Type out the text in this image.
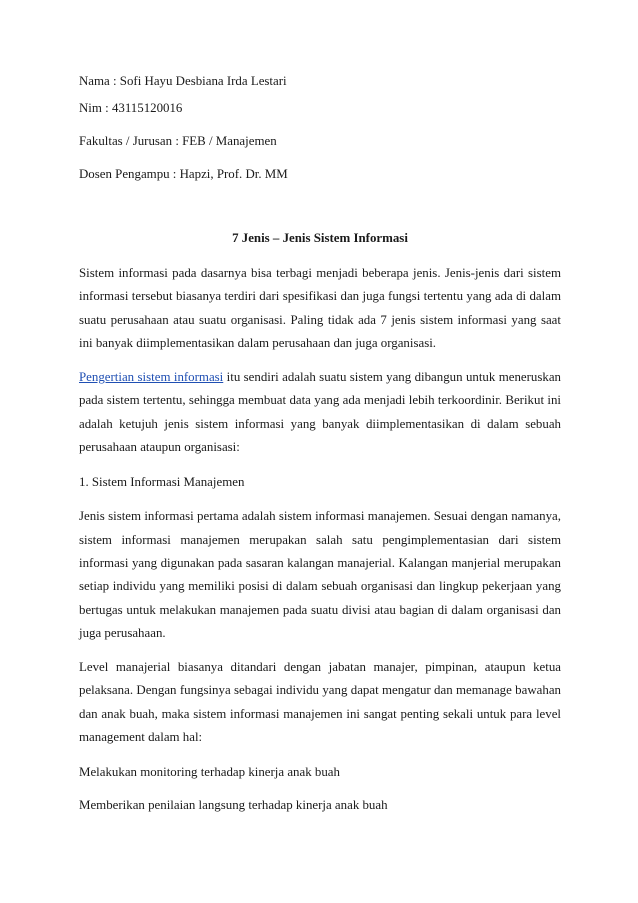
Nama : Sofi Hayu Desbiana Irda Lestari

Nim : 43115120016

Fakultas / Jurusan : FEB / Manajemen

Dosen Pengampu : Hapzi, Prof. Dr. MM

7 Jenis – Jenis Sistem Informasi

Sistem informasi pada dasarnya bisa terbagi menjadi beberapa jenis. Jenis-jenis dari sistem informasi tersebut biasanya terdiri dari spesifikasi dan juga fungsi tertentu yang ada di dalam suatu perusahaan atau suatu organisasi. Paling tidak ada 7 jenis sistem informasi yang saat ini banyak diimplementasikan dalam perusahaan dan juga organisasi.

Pengertian sistem informasi itu sendiri adalah suatu sistem yang dibangun untuk meneruskan pada sistem tertentu, sehingga membuat data yang ada menjadi lebih terkoordinir. Berikut ini adalah ketujuh jenis sistem informasi yang banyak diimplementasikan di dalam sebuah perusahaan ataupun organisasi:

1. Sistem Informasi Manajemen

Jenis sistem informasi pertama adalah sistem informasi manajemen. Sesuai dengan namanya, sistem informasi manajemen merupakan salah satu pengimplementasian dari sistem informasi yang digunakan pada sasaran kalangan manajerial. Kalangan manjerial merupakan setiap individu yang memiliki posisi di dalam sebuah organisasi dan lingkup pekerjaan yang bertugas untuk melakukan manajemen pada suatu divisi atau bagian di dalam organisasi dan juga perusahaan.

Level manajerial biasanya ditandari dengan jabatan manajer, pimpinan, ataupun ketua pelaksana. Dengan fungsinya sebagai individu yang dapat mengatur dan memanage bawahan dan anak buah, maka sistem informasi manajemen ini sangat penting sekali untuk para level management dalam hal:

Melakukan monitoring terhadap kinerja anak buah

Memberikan penilaian langsung terhadap kinerja anak buah
